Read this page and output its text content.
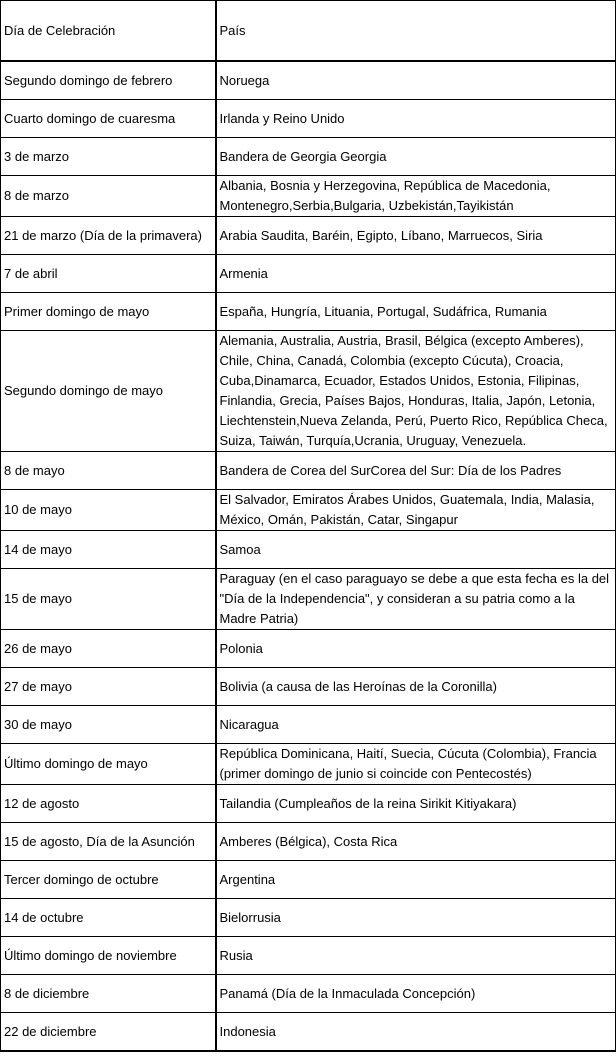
Día de Celebración	País
Segundo domingo de febrero	Noruega
Cuarto domingo de cuaresma	Irlanda y Reino Unido
3 de marzo	Bandera de Georgia Georgia
8 de marzo	Albania, Bosnia y Herzegovina, República de Macedonia, Montenegro,Serbia,Bulgaria, Uzbekistán,Tayikistán
21 de marzo (Día de la primavera)	Arabia Saudita, Baréin, Egipto, Líbano, Marruecos, Siria
7 de abril	Armenia
Primer domingo de mayo	España, Hungría, Lituania, Portugal, Sudáfrica, Rumania
Segundo domingo de mayo	Alemania, Australia, Austria, Brasil, Bélgica (excepto Amberes), Chile, China, Canadá, Colombia (excepto Cúcuta), Croacia, Cuba,Dinamarca, Ecuador, Estados Unidos, Estonia, Filipinas, Finlandia, Grecia, Países Bajos, Honduras, Italia, Japón, Letonia, Liechtenstein,Nueva Zelanda, Perú, Puerto Rico, República Checa, Suiza, Taiwán, Turquía,Ucrania, Uruguay, Venezuela.
8 de mayo	Bandera de Corea del SurCorea del Sur: Día de los Padres
10 de mayo	El Salvador, Emiratos Árabes Unidos, Guatemala, India, Malasia, México, Omán, Pakistán, Catar, Singapur
14 de mayo	Samoa
15 de mayo	Paraguay (en el caso paraguayo se debe a que esta fecha es la del "Día de la Independencia", y consideran a su patria como a la Madre Patria)
26 de mayo	Polonia
27 de mayo	Bolivia (a causa de las Heroínas de la Coronilla)
30 de mayo	Nicaragua
Último domingo de mayo	República Dominicana, Haití, Suecia, Cúcuta (Colombia), Francia (primer domingo de junio si coincide con Pentecostés)
12 de agosto	Tailandia (Cumpleaños de la reina Sirikit Kitiyakara)
15 de agosto, Día de la Asunción	Amberes (Bélgica), Costa Rica
Tercer domingo de octubre	Argentina
14 de octubre	Bielorrusia
Último domingo de noviembre	Rusia
8 de diciembre	Panamá (Día de la Inmaculada Concepción)
22 de diciembre	Indonesia
